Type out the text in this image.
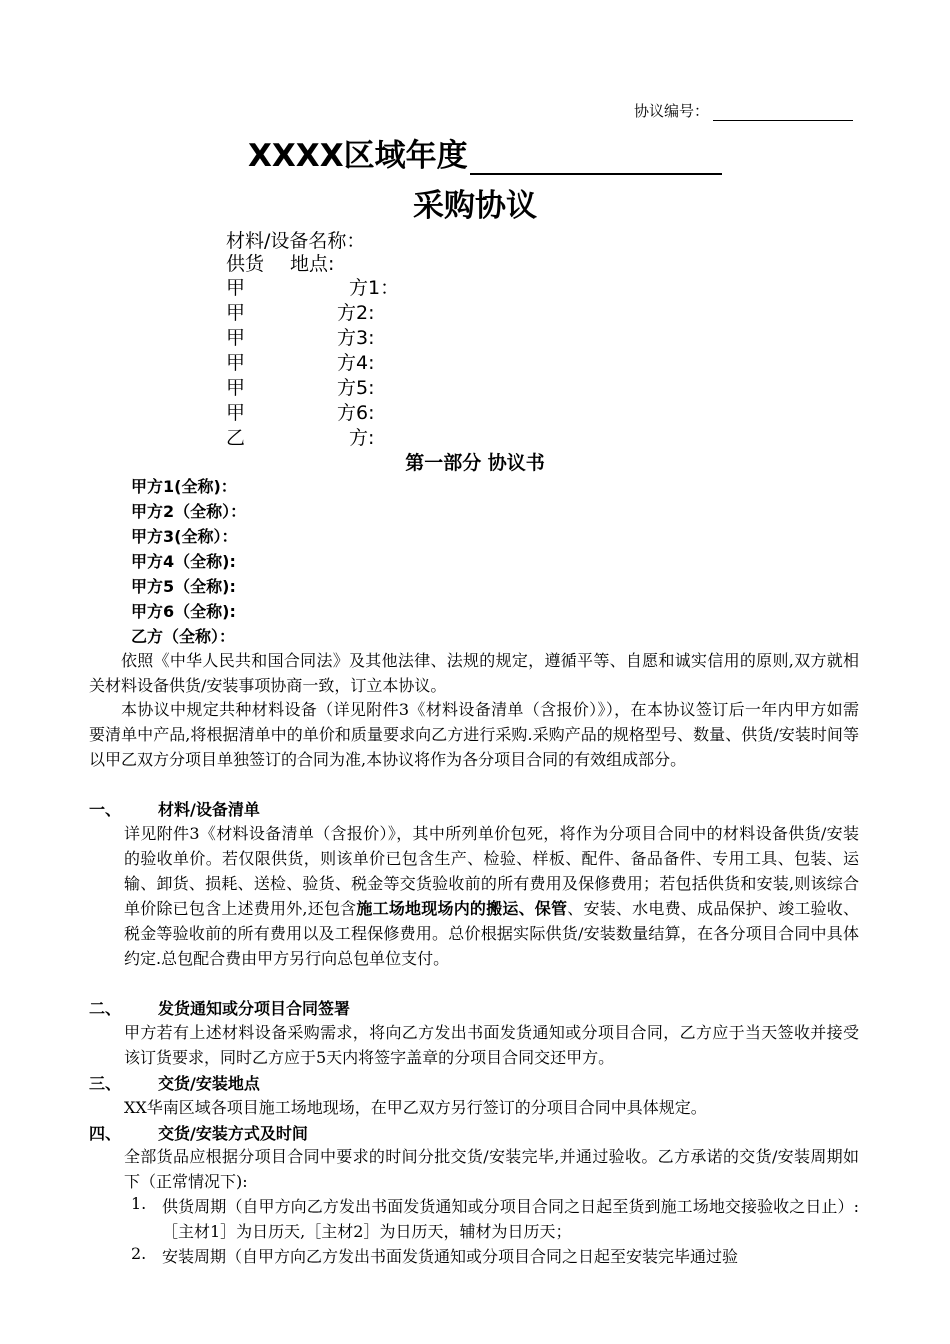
协议编号：
XXXX区域年度
采购协议
材料/设备名称：
供货 地点:
甲	方1：
甲	方2:
甲	方3:
甲	方4:
甲	方5:
甲	方6:
乙	方:
第一部分 协议书
甲方1(全称)：
甲方2（全称）：
甲方3(全称）：
甲方4（全称):
甲方5（全称):
甲方6（全称):
乙方（全称）：
依照《中华人民共和国合同法》及其他法律、法规的规定，遵循平等、自愿和诚实信用的原则,双方就相关材料设备供货/安装事项协商一致，订立本协议。
本协议中规定共种材料设备（详见附件3《材料设备清单（含报价）》），在本协议签订后一年内甲方如需要清单中产品,将根据清单中的单价和质量要求向乙方进行采购.采购产品的规格型号、数量、供货/安装时间等以甲乙双方分项目单独签订的合同为准,本协议将作为各分项目合同的有效组成部分。
一、 材料/设备清单
详见附件3《材料设备清单（含报价）》，其中所列单价包死，将作为分项目合同中的材料设备供货/安装的验收单价。若仅限供货，则该单价已包含生产、检验、样板、配件、备品备件、专用工具、包装、运输、卸货、损耗、送检、验货、税金等交货验收前的所有费用及保修费用；若包括供货和安装,则该综合单价除已包含上述费用外,还包含施工场地现场内的搬运、保管、安装、水电费、成品保护、竣工验收、税金等验收前的所有费用以及工程保修费用。总价根据实际供货/安装数量结算，在各分项目合同中具体约定.总包配合费由甲方另行向总包单位支付。
二、 发货通知或分项目合同签署
甲方若有上述材料设备采购需求，将向乙方发出书面发货通知或分项目合同，乙方应于当天签收并接受该订货要求，同时乙方应于5天内将签字盖章的分项目合同交还甲方。
三、 交货/安装地点
XX华南区域各项目施工场地现场，在甲乙双方另行签订的分项目合同中具体规定。
四、 交货/安装方式及时间
全部货品应根据分项目合同中要求的时间分批交货/安装完毕,并通过验收。乙方承诺的交货/安装周期如下（正常情况下):
1. 供货周期（自甲方向乙方发出书面发货通知或分项目合同之日起至货到施工场地交接验收之日止）:［主材1］为日历天,［主材2］为日历天，辅材为日历天；
2. 安装周期（自甲方向乙方发出书面发货通知或分项目合同之日起至安装完毕通过验
